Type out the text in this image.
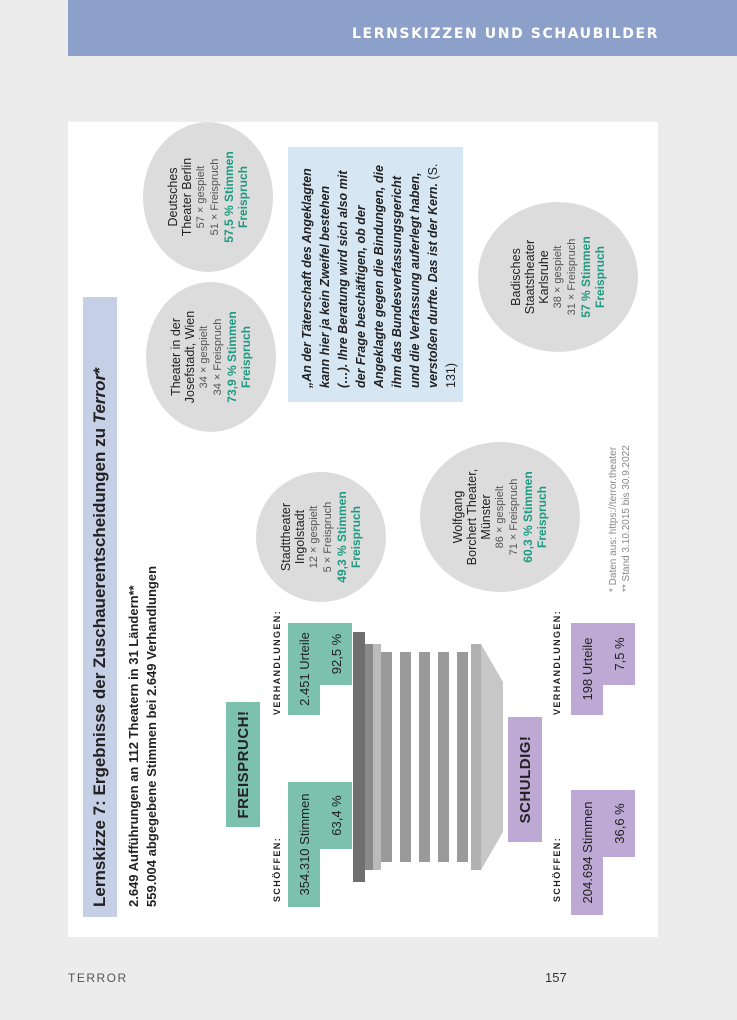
LERNSKIZZEN UND SCHAUBILDER
Lernskizze 7: Ergebnisse der Zuschauerentscheidungen zu Terror*
2.649 Aufführungen an 112 Theatern in 31 Ländern** 559.004 abgegebene Stimmen bei 2.649 Verhandlungen	FREISPRUCH!
SCHÖFFEN:
VERHANDLUNGEN:
354.310 Stimmen	63,4 %
2.451 Urteile	92,5 %
SCHULDIG!
SCHÖFFEN:
VERHANDLUNGEN:
204.694 Stimmen	36,6 %
198 Urteile	7,5 %
Stadttheater Ingolstadt 12 × gespielt 5 × Freispruch 49,3 % Stimmen Freispruch
Theater in der Josefstadt, Wien 34 × gespielt 34 × Freispruch 73,9 % Stimmen Freispruch
Deutsches Theater Berlin 57 × gespielt 51 × Freispruch 57,5 % Stimmen Freispruch
Wolfgang Borchert Theater, Münster 86 × gespielt 71 × Freispruch 60,3 % Stimmen Freispruch
Badisches Staatstheater Karlsruhe 38 × gespielt 31 × Freispruch 57 % Stimmen Freispruch
„An der Täterschaft des Angeklagten kann hier ja kein Zweifel bestehen (…). Ihre Beratung wird sich also mit der Frage beschäftigen, ob der Angeklagte gegen die Bindungen, die ihm das Bundesverfassungsgericht und die Verfassung auferlegt haben, verstoßen durfte. Das ist der Kern. (S. 131)
* Daten aus: https://terror.theater ** Stand 3.10.2015 bis 30.9.2022
TERROR	157
